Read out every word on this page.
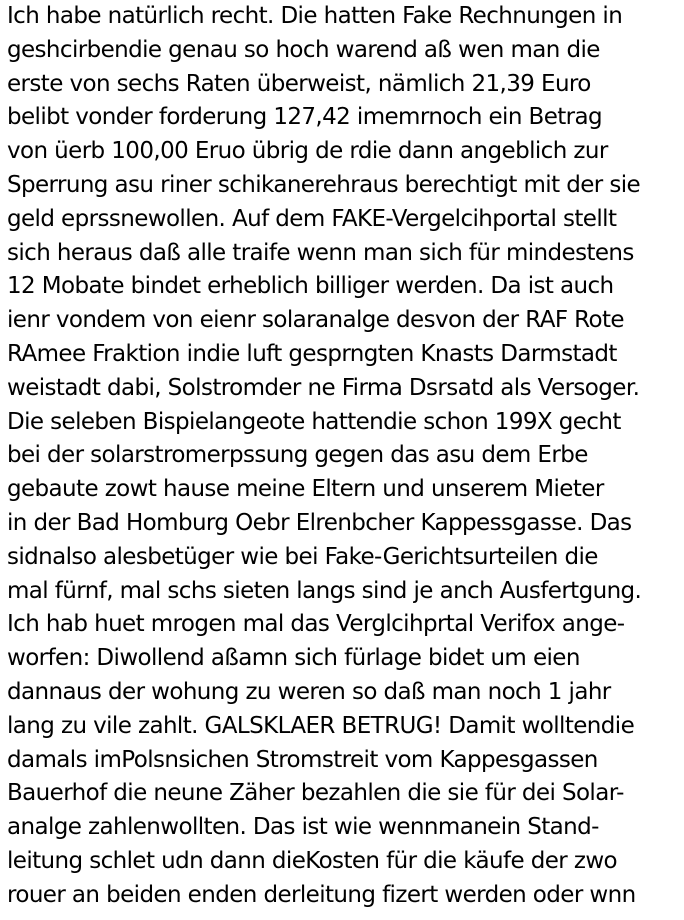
Ich habe natürlich recht. Die hatten Fake Rechnungen in
geshcirbendie genau so hoch warend aß wen man die
erste von sechs Raten überweist, nämlich 21,39 Euro
belibt vonder forderung 127,42 imemrnoch ein Betrag
von üerb 100,00 Eruo übrig de rdie dann angeblich zur
Sperrung asu riner schikanerehraus berechtigt mit der sie
geld eprssnewollen. Auf dem FAKE-Vergelcihportal stellt
sich heraus daß alle traife wenn man sich für mindestens
12 Mobate bindet erheblich billiger werden. Da ist auch
ienr vondem von eienr solaranalge desvon der RAF Rote
RAmee Fraktion indie luft gesprngten Knasts Darmstadt
weistadt dabi, Solstromder ne Firma Dsrsatd als Versoger.
Die seleben Bispielangeote hattendie schon 199X gecht
bei der solarstromerpssung gegen das asu dem Erbe
gebaute zowt hause meine Eltern und unserem Mieter
in der Bad Homburg Oebr Elrenbcher Kappessgasse. Das
sidnalso alesbetüger wie bei Fake-Gerichtsurteilen die
mal fürnf, mal schs sieten langs sind je anch Ausfertgung.
Ich hab huet mrogen mal das Verglcihprtal Verifox ange-
worfen: Diwollend aßamn sich fürlage bidet um eien
dannaus der wohung zu weren so daß man noch 1 jahr
lang zu vile zahlt. GALSKLAER BETRUG! Damit wolltendie
damals imPolsnsichen Stromstreit vom Kappesgassen
Bauerhof die neune Zäher bezahlen die sie für dei Solar-
analge zahlenwollten. Das ist wie wennmanein Stand-
leitung schlet udn dann dieKosten für die käufe der zwo
rouer an beiden enden derleitung fizert werden oder wnn
